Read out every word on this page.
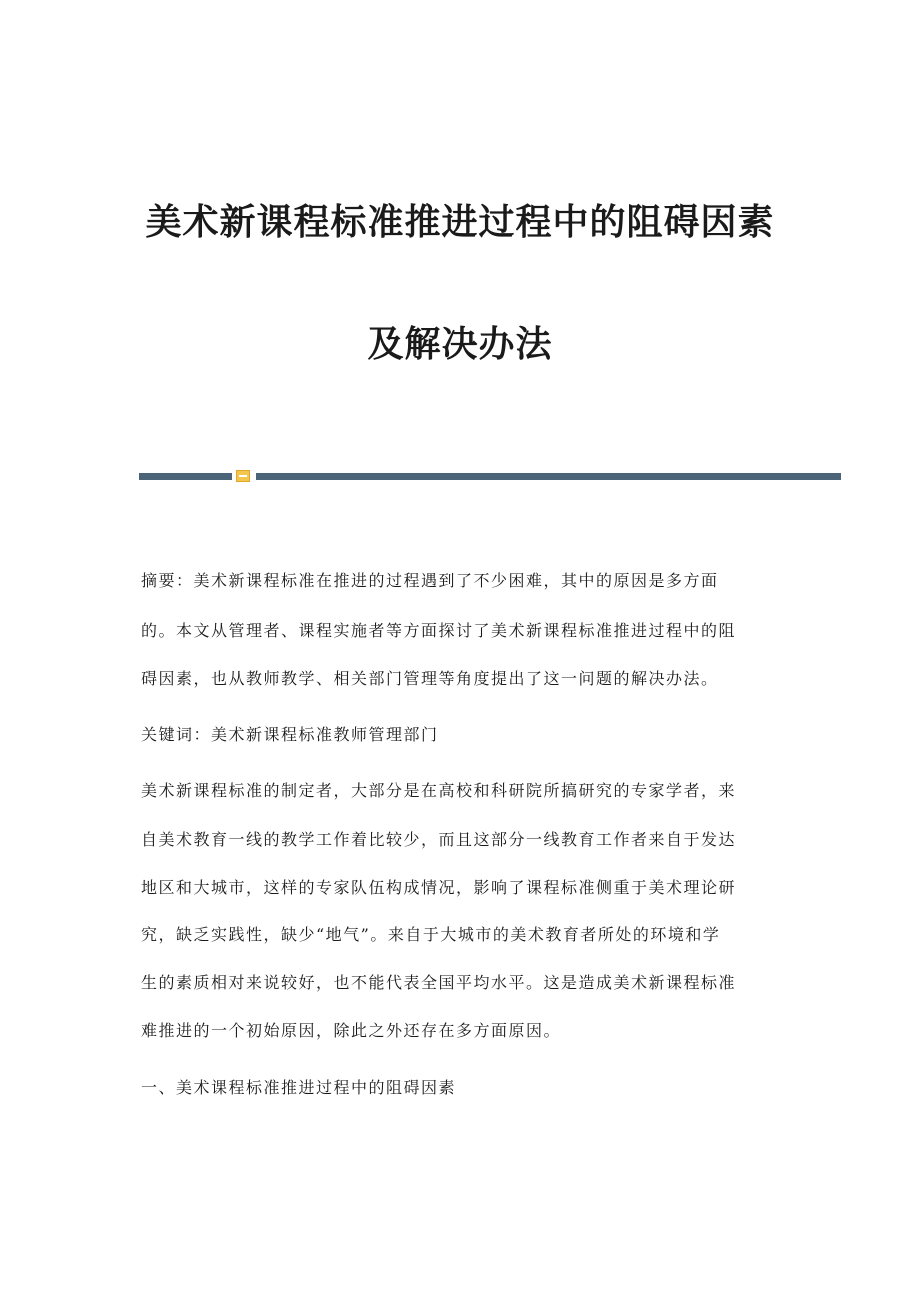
美术新课程标准推进过程中的阻碍因素
及解决办法
摘要：美术新课程标准在推进的过程遇到了不少困难，其中的原因是多方面
的。本文从管理者、课程实施者等方面探讨了美术新课程标准推进过程中的阻
碍因素，也从教师教学、相关部门管理等角度提出了这一问题的解决办法。
关键词：美术新课程标准教师管理部门
美术新课程标准的制定者，大部分是在高校和科研院所搞研究的专家学者，来
自美术教育一线的教学工作着比较少，而且这部分一线教育工作者来自于发达
地区和大城市，这样的专家队伍构成情况，影响了课程标准侧重于美术理论研
究，缺乏实践性，缺少“地气”。来自于大城市的美术教育者所处的环境和学
生的素质相对来说较好，也不能代表全国平均水平。这是造成美术新课程标准
难推进的一个初始原因，除此之外还存在多方面原因。
一、美术课程标准推进过程中的阻碍因素
